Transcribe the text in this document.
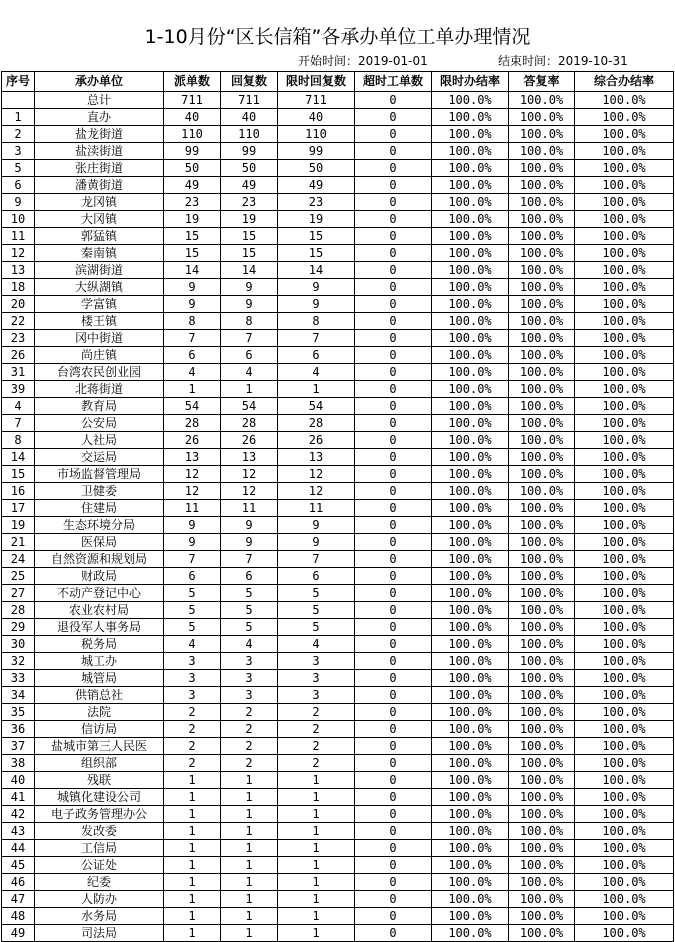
1-10月份“区长信箱”各承办单位工单办理情况
开始时间：2019-01-01	结束时间：2019-10-31
序号	承办单位	派单数	回复数	限时回复数	超时工单数	限时办结率	答复率	综合办结率
	总计	711	711	711	0	100.0%	100.0%	100.0%
1	直办	40	40	40	0	100.0%	100.0%	100.0%
2	盐龙街道	110	110	110	0	100.0%	100.0%	100.0%
3	盐渎街道	99	99	99	0	100.0%	100.0%	100.0%
5	张庄街道	50	50	50	0	100.0%	100.0%	100.0%
6	潘黄街道	49	49	49	0	100.0%	100.0%	100.0%
9	龙冈镇	23	23	23	0	100.0%	100.0%	100.0%
10	大冈镇	19	19	19	0	100.0%	100.0%	100.0%
11	郭猛镇	15	15	15	0	100.0%	100.0%	100.0%
12	秦南镇	15	15	15	0	100.0%	100.0%	100.0%
13	滨湖街道	14	14	14	0	100.0%	100.0%	100.0%
18	大纵湖镇	9	9	9	0	100.0%	100.0%	100.0%
20	学富镇	9	9	9	0	100.0%	100.0%	100.0%
22	楼王镇	8	8	8	0	100.0%	100.0%	100.0%
23	冈中街道	7	7	7	0	100.0%	100.0%	100.0%
26	尚庄镇	6	6	6	0	100.0%	100.0%	100.0%
31	台湾农民创业园	4	4	4	0	100.0%	100.0%	100.0%
39	北蒋街道	1	1	1	0	100.0%	100.0%	100.0%
4	教育局	54	54	54	0	100.0%	100.0%	100.0%
7	公安局	28	28	28	0	100.0%	100.0%	100.0%
8	人社局	26	26	26	0	100.0%	100.0%	100.0%
14	交运局	13	13	13	0	100.0%	100.0%	100.0%
15	市场监督管理局	12	12	12	0	100.0%	100.0%	100.0%
16	卫健委	12	12	12	0	100.0%	100.0%	100.0%
17	住建局	11	11	11	0	100.0%	100.0%	100.0%
19	生态环境分局	9	9	9	0	100.0%	100.0%	100.0%
21	医保局	9	9	9	0	100.0%	100.0%	100.0%
24	自然资源和规划局	7	7	7	0	100.0%	100.0%	100.0%
25	财政局	6	6	6	0	100.0%	100.0%	100.0%
27	不动产登记中心	5	5	5	0	100.0%	100.0%	100.0%
28	农业农村局	5	5	5	0	100.0%	100.0%	100.0%
29	退役军人事务局	5	5	5	0	100.0%	100.0%	100.0%
30	税务局	4	4	4	0	100.0%	100.0%	100.0%
32	城工办	3	3	3	0	100.0%	100.0%	100.0%
33	城管局	3	3	3	0	100.0%	100.0%	100.0%
34	供销总社	3	3	3	0	100.0%	100.0%	100.0%
35	法院	2	2	2	0	100.0%	100.0%	100.0%
36	信访局	2	2	2	0	100.0%	100.0%	100.0%
37	盐城市第三人民医	2	2	2	0	100.0%	100.0%	100.0%
38	组织部	2	2	2	0	100.0%	100.0%	100.0%
40	残联	1	1	1	0	100.0%	100.0%	100.0%
41	城镇化建设公司	1	1	1	0	100.0%	100.0%	100.0%
42	电子政务管理办公	1	1	1	0	100.0%	100.0%	100.0%
43	发改委	1	1	1	0	100.0%	100.0%	100.0%
44	工信局	1	1	1	0	100.0%	100.0%	100.0%
45	公证处	1	1	1	0	100.0%	100.0%	100.0%
46	纪委	1	1	1	0	100.0%	100.0%	100.0%
47	人防办	1	1	1	0	100.0%	100.0%	100.0%
48	水务局	1	1	1	0	100.0%	100.0%	100.0%
49	司法局	1	1	1	0	100.0%	100.0%	100.0%
